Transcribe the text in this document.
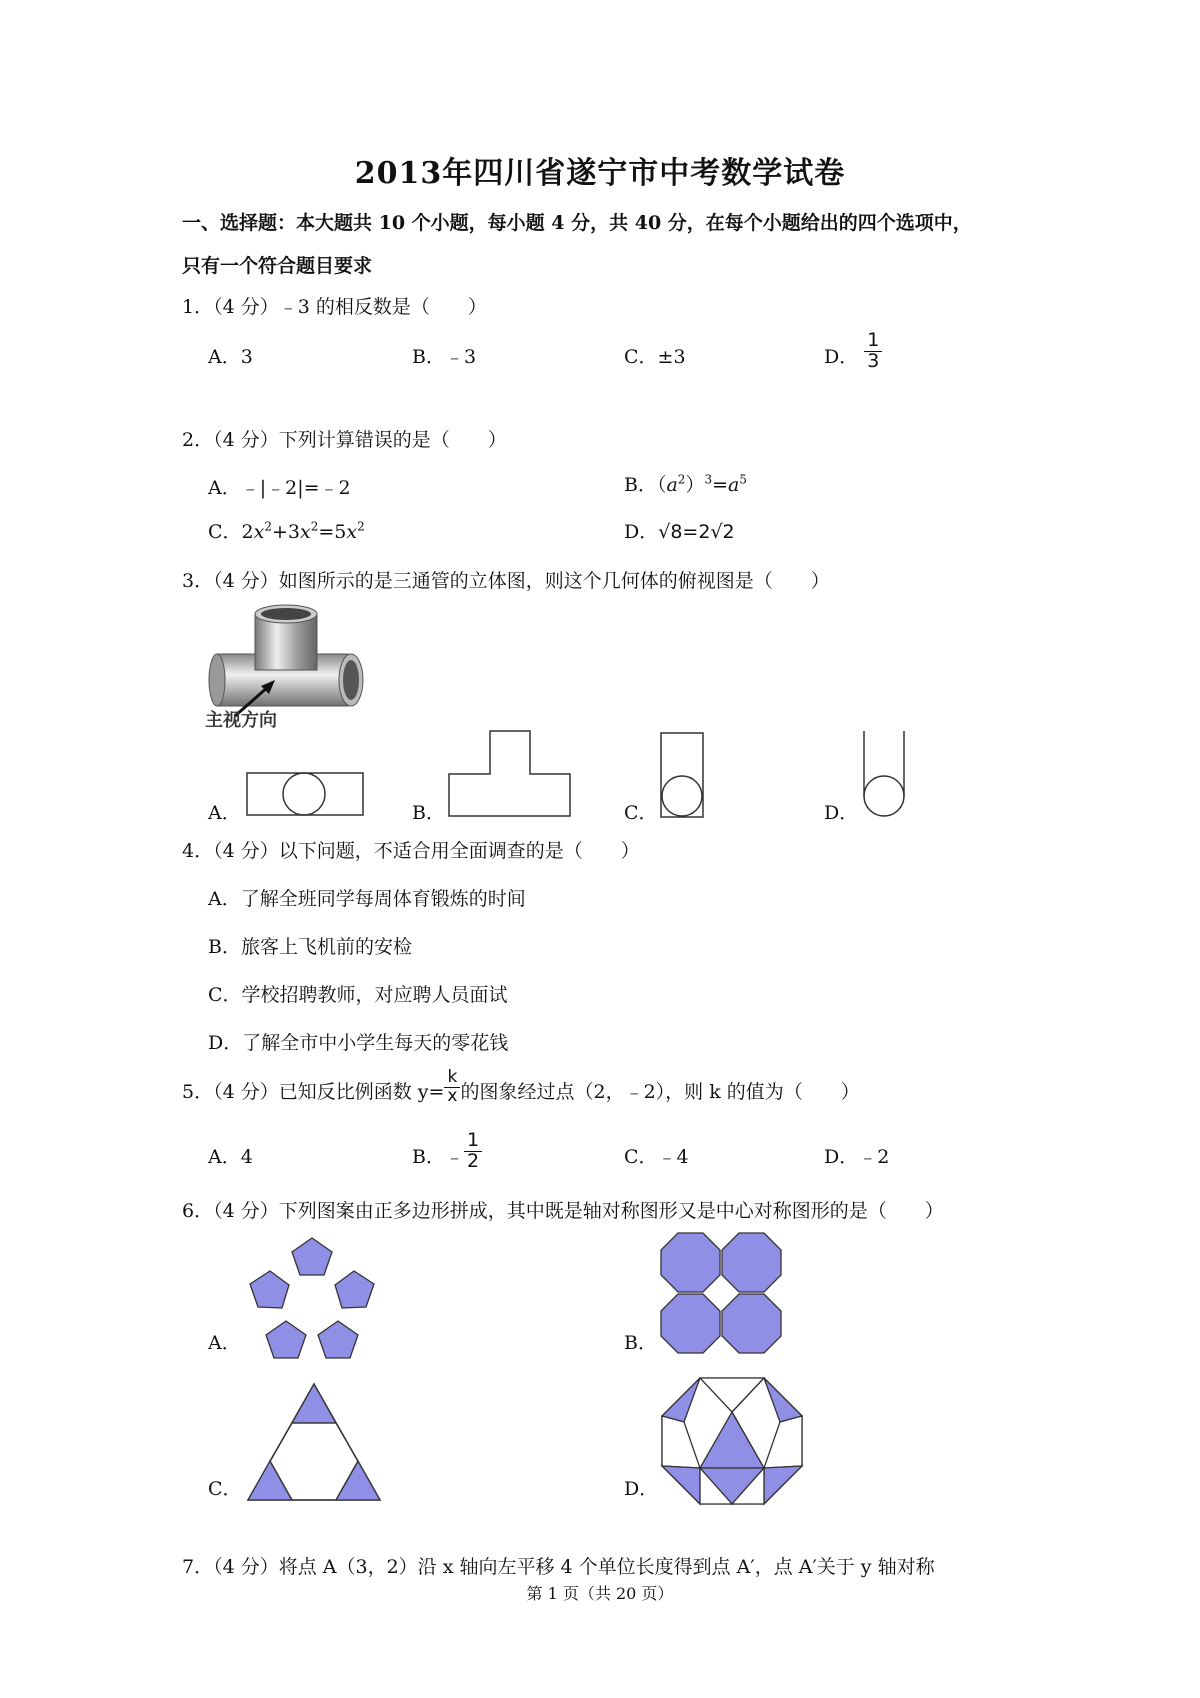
2013年四川省遂宁市中考数学试卷
一、选择题：本大题共 10 个小题，每小题 4 分，共 40 分，在每个小题给出的四个选项中，
只有一个符合题目要求
1．（4 分）﹣3 的相反数是（　　）
A．3	B．﹣3	C．±3	D． $\frac{1}{3}$
2．（4 分）下列计算错误的是（　　）
A．﹣|﹣2|=﹣2	B．$(a^2)^3=a^5$
C．$2x^2+3x^2=5x^2$	D．√8=2√2
3．（4 分）如图所示的是三通管的立体图，则这个几何体的俯视图是（　　）
主视方向
A．	B．	C．	D．
4．（4 分）以下问题，不适合用全面调查的是（　　）
A．了解全班同学每周体育锻炼的时间
B．旅客上飞机前的安检
C．学校招聘教师，对应聘人员面试
D．了解全市中小学生每天的零花钱
5．（4 分）已知反比例函数 $y= \frac{k}{x}$ 的图象经过点（2，﹣2），则 k 的值为（　　）
A．4	B．﹣ $\frac{1}{2}$	C．﹣4	D．﹣2
6．（4 分）下列图案由正多边形拼成，其中既是轴对称图形又是中心对称图形的是（　　）
A．	B．
C．	D．
7．（4 分）将点 A（3，2）沿 x 轴向左平移 4 个单位长度得到点 A′，点 A′关于 y 轴对称
第 1 页（共 20 页）
